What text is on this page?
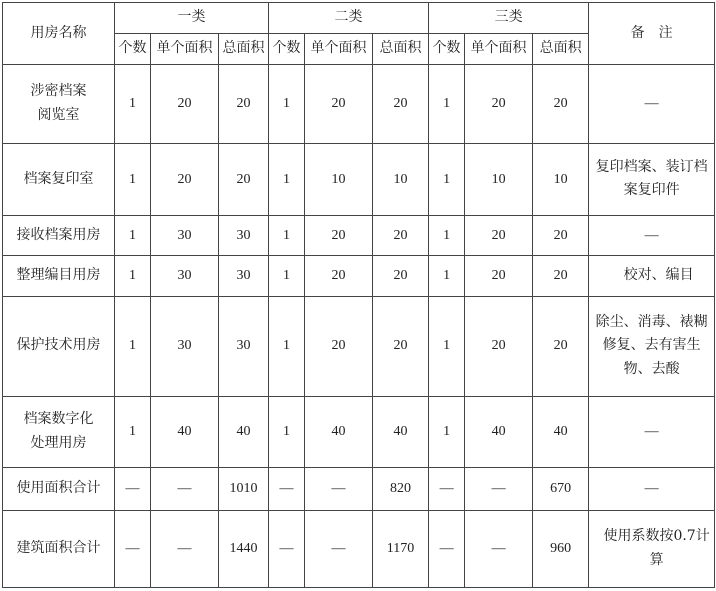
用房名称	一类			二类			三类			备　注
	个数	单个面积	总面积	个数	单个面积	总面积	个数	单个面积	总面积	
涉密档案阅览室	1	20	20	1	20	20	1	20	20	—
档案复印室	1	20	20	1	10	10	1	10	10	复印档案、装订档案复印件
接收档案用房	1	30	30	1	20	20	1	20	20	—
整理编目用房	1	30	30	1	20	20	1	20	20	校对、编目
保护技术用房	1	30	30	1	20	20	1	20	20	除尘、消毒、裱糊修复、去有害生物、去酸
档案数字化处理用房	1	40	40	1	40	40	1	40	40	—
使用面积合计	—	—	1010	—	—	820	—	—	670	—
建筑面积合计	—	—	1440	—	—	1170	—	—	960	使用系数按0.7计算
